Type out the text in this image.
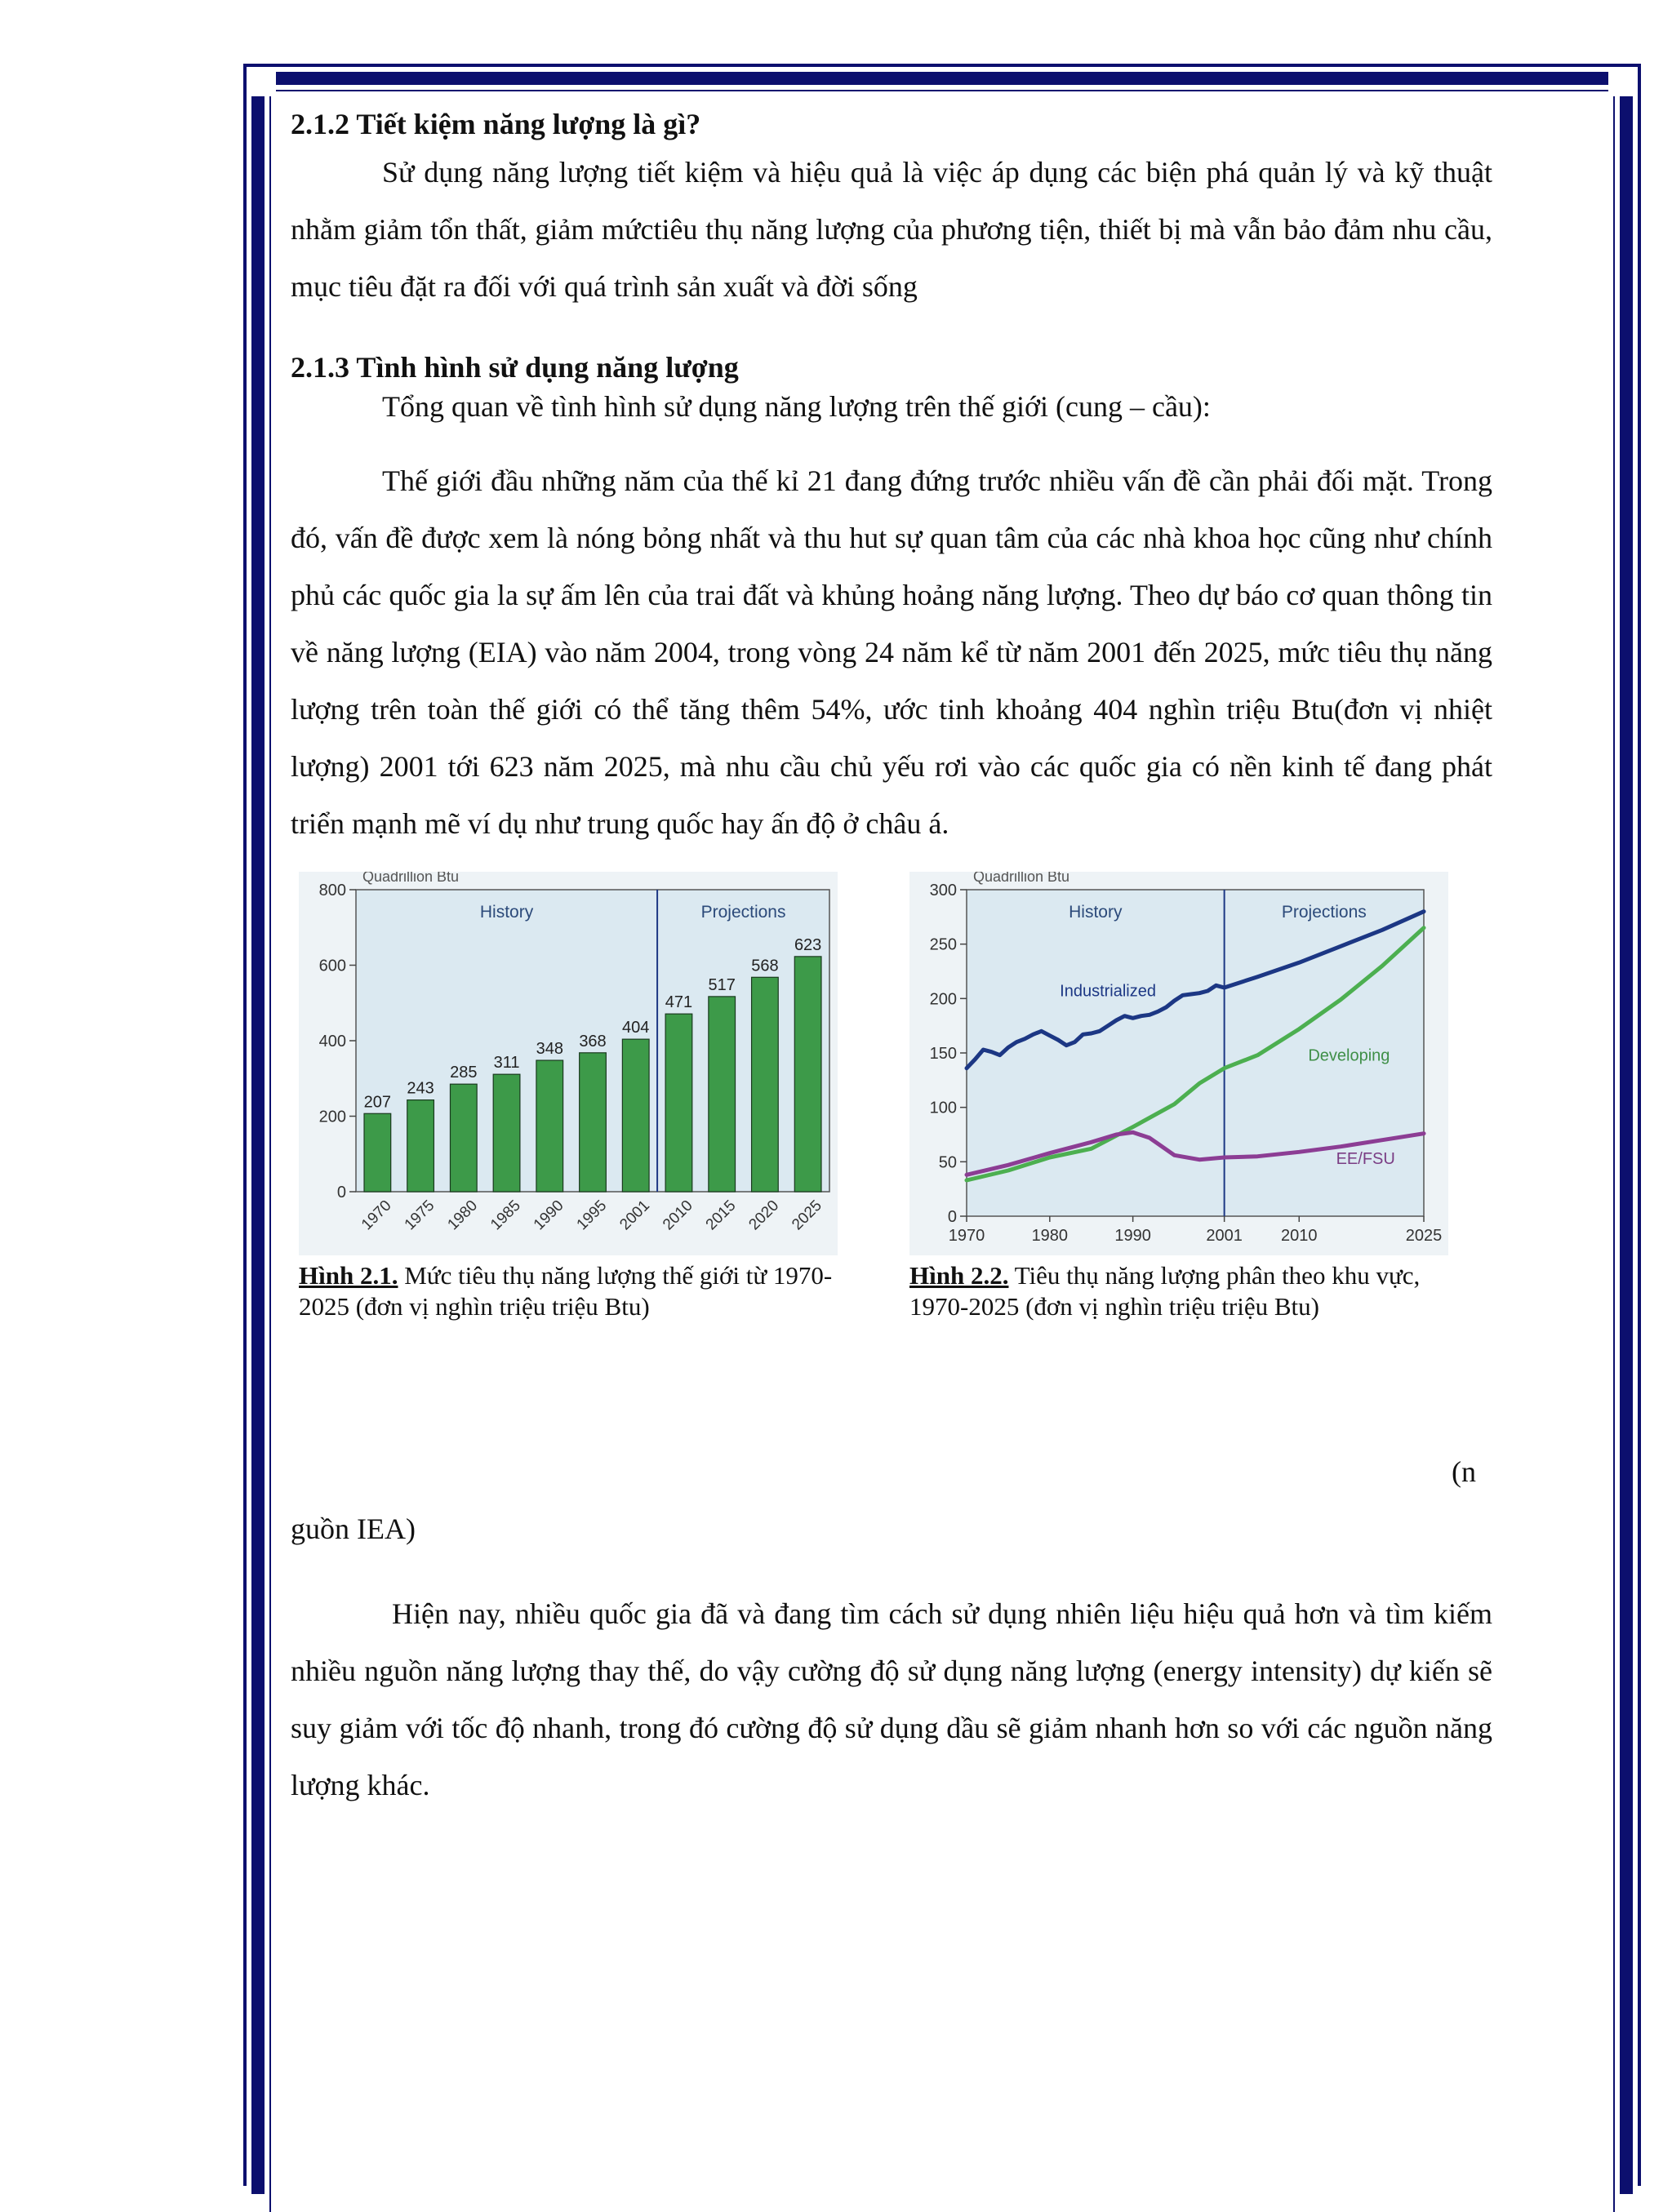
2.1.2 Tiết kiệm năng lượng là gì?

Sử dụng năng lượng tiết kiệm và hiệu quả là việc áp dụng các biện phá quản lý và kỹ thuật nhằm giảm tổn thất, giảm mứctiêu thụ năng lượng của phương tiện, thiết bị mà vẫn bảo đảm nhu cầu, mục tiêu đặt ra đối với quá trình sản xuất và đời sống

2.1.3 Tình hình sử dụng năng lượng

Tổng quan về tình hình sử dụng năng lượng trên thế giới (cung – cầu):

Thế giới đầu những năm của thế kỉ 21 đang đứng trước nhiều vấn đề cần phải đối mặt. Trong đó, vấn đề được xem là nóng bỏng nhất và thu hut sự quan tâm của các nhà khoa học cũng như chính phủ các quốc gia la sự ấm lên của trai đất và khủng hoảng năng lượng. Theo dự báo cơ quan thông tin về năng lượng (EIA) vào năm 2004, trong vòng 24 năm kể từ năm 2001 đến 2025, mức tiêu thụ năng lượng trên toàn thế giới có thể tăng thêm 54%, ước tinh khoảng 404 nghìn triệu Btu(đơn vị nhiệt lượng) 2001 tới 623 năm 2025, mà nhu cầu chủ yếu rơi vào các quốc gia có nền kinh tế đang phát triển mạnh mẽ ví dụ như trung quốc hay ấn độ ở châu á.

Quadrillion Btu
0
200
400
600
800
History	Projections
207
1970
243
1975
285
1980
311
1985
348
1990
368
1995
404
2001
471
2010
517
2015
568
2020
623
2025
Hình 2.1. Mức tiêu thụ năng lượng thế giới từ 1970-2025 (đơn vị nghìn triệu triệu Btu)
Quadrillion Btu
0
50
100
150
200
250
300
1970	1980	1990	2001 2010	2025
History	Projections
Industrialized
Developing
EE/FSU
Hình 2.2. Tiêu thụ năng lượng phân theo khu vực, 1970-2025 (đơn vị nghìn triệu triệu Btu)
(n

guồn IEA)

Hiện nay, nhiều quốc gia đã và đang tìm cách sử dụng nhiên liệu hiệu quả hơn và tìm kiếm nhiều nguồn năng lượng thay thế, do vậy cường độ sử dụng năng lượng (energy intensity) dự kiến sẽ suy giảm với tốc độ nhanh, trong đó cường độ sử dụng dầu sẽ giảm nhanh hơn so với các nguồn năng lượng khác.
